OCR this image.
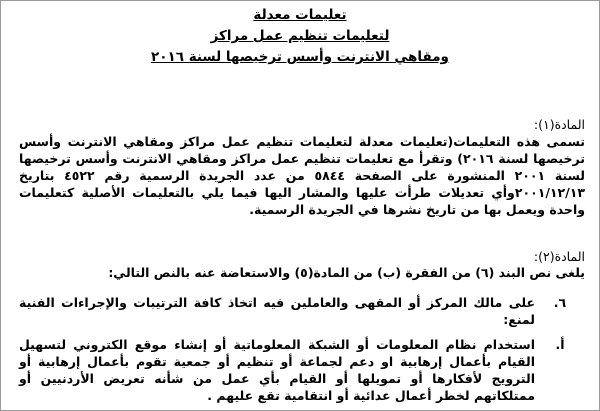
تعليمات معدلة
لتعليمات تنظيم عمل مراكز
ومقاهي الانترنت وأسس ترخيصها لسنة ٢٠١٦
المادة(١):
تسمى هذه التعليمات(تعليمات معدلة لتعليمات تنظيم عمل مراكز ومقاهي الانترنت وأسس ترخيصها لسنة ٢٠١٦) وتقرأ مع تعليمات تنظيم عمل مراكز ومقاهي الانترنت وأسس ترخيصها لسنة ٢٠٠١ المنشورة على الصفحة ٥٨٤٤ من عدد الجريدة الرسمية رقم ٤٥٢٢ بتاريخ ٢٠٠١/١٢/١٣وأي تعديلات طرأت عليها والمشار اليها فيما يلي بالتعليمات الأصلية كتعليمات واحدة ويعمل بها من تاريخ نشرها في الجريدة الرسمية.
المادة(٢):
يلغى نص البند (٦) من الفقرة (ب) من المادة(٥) والاستعاضة عنه بالنص التالي:
٦.
على مالك المركز أو المقهى والعاملين فيه اتخاذ كافة الترتيبات والإجراءات الفنية لمنع:
أ.
استخدام نظام المعلومات أو الشبكة المعلوماتية أو إنشاء موقع الكتروني لتسهيل القيام بأعمال إرهابية او دعم لجماعة أو تنظيم أو جمعية تقوم بأعمال إرهابية أو الترويج لأفكارها أو تمويلها أو القيام بأي عمل من شأنه تعريض الأردنيين أو ممتلكاتهم لخطر أعمال عدائية أو انتقامية تقع عليهم .
